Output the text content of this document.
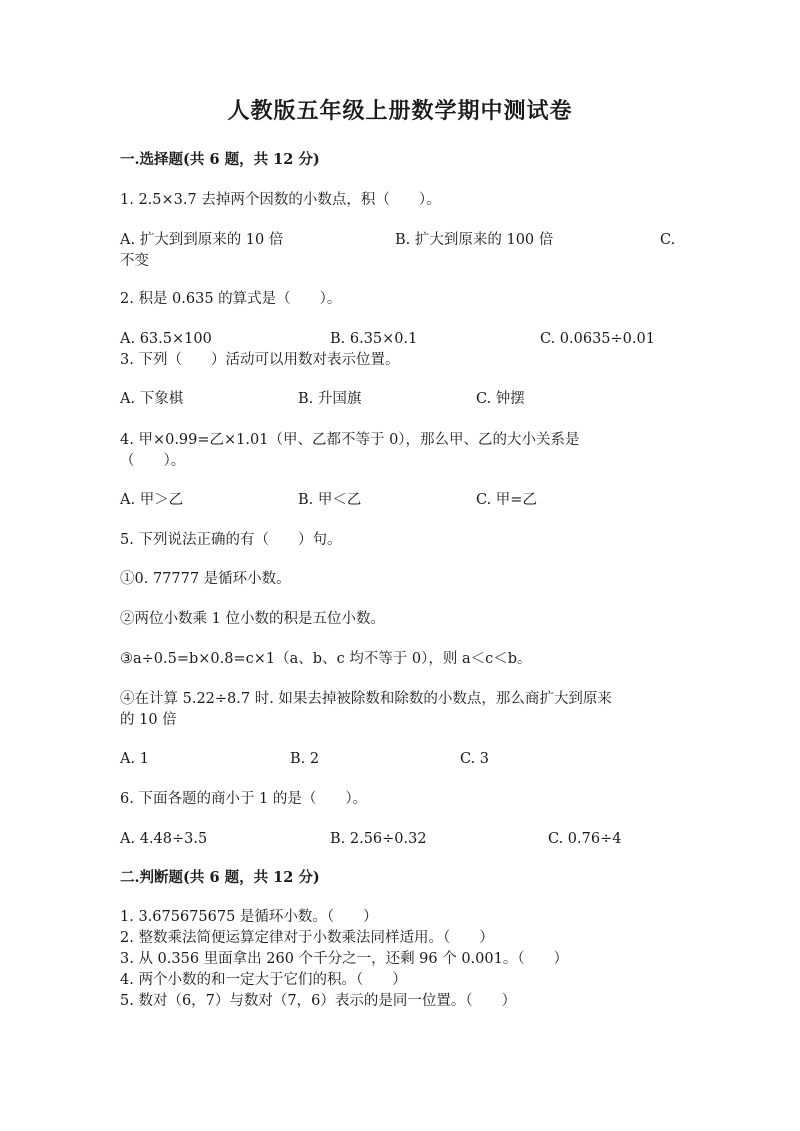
人教版五年级上册数学期中测试卷
一.选择题(共 6 题，共 12 分)
1. 2.5×3.7 去掉两个因数的小数点，积（　　）。
A. 扩大到到原来的 10 倍	B. 扩大到原来的 100 倍	C.
不变
2. 积是 0.635 的算式是（　　）。
A. 63.5×100	B. 6.35×0.1	C. 0.0635÷0.01
3. 下列（　　）活动可以用数对表示位置。
A. 下象棋	B. 升国旗	C. 钟摆
4. 甲×0.99=乙×1.01（甲、乙都不等于 0），那么甲、乙的大小关系是
（　　）。
A. 甲＞乙	B. 甲＜乙	C. 甲=乙
5. 下列说法正确的有（　　）句。
①0. 77777 是循环小数。
②两位小数乘 1 位小数的积是五位小数。
③a÷0.5=b×0.8=c×1（a、b、c 均不等于 0），则 a＜c＜b。
④在计算 5.22÷8.7 时. 如果去掉被除数和除数的小数点，那么商扩大到原来
的 10 倍
A. 1	B. 2	C. 3
6. 下面各题的商小于 1 的是（　　）。
A. 4.48÷3.5	B. 2.56÷0.32	C. 0.76÷4
二.判断题(共 6 题，共 12 分)
1. 3.675675675 是循环小数。（　　）
2. 整数乘法简便运算定律对于小数乘法同样适用。（　　）
3. 从 0.356 里面拿出 260 个千分之一，还剩 96 个 0.001。（　　）
4. 两个小数的和一定大于它们的积。（　　）
5. 数对（6，7）与数对（7，6）表示的是同一位置。（　　）
